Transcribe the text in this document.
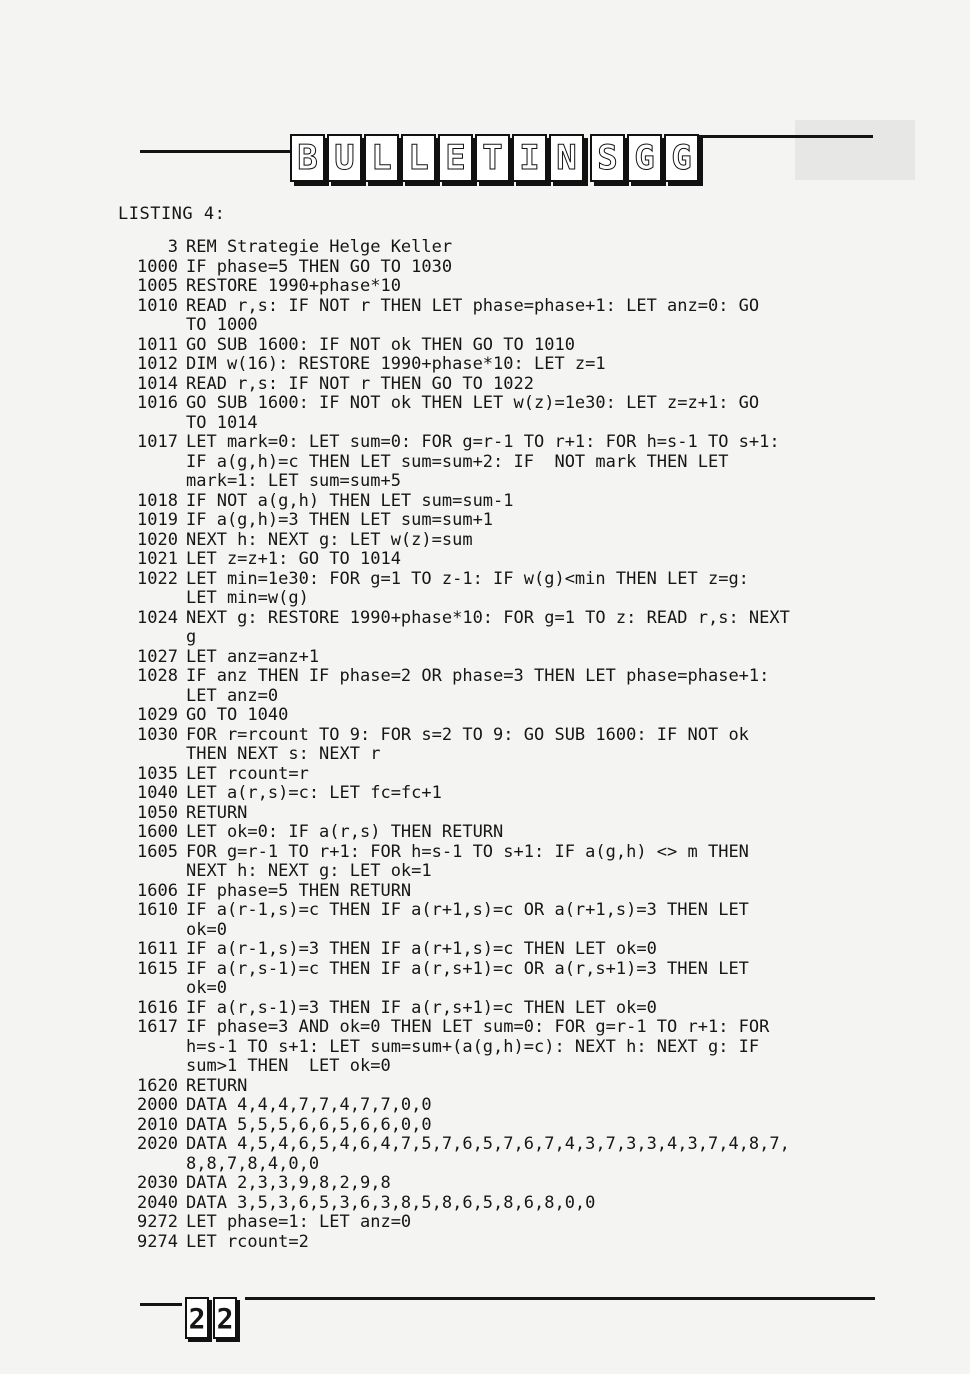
B U L L E T I N S G G
LISTING 4:
3 REM Strategie Helge Keller
1000 IF phase=5 THEN GO TO 1030
1005 RESTORE 1990+phase*10
1010 READ r,s: IF NOT r THEN LET phase=phase+1: LET anz=0: GO
TO 1000
1011 GO SUB 1600: IF NOT ok THEN GO TO 1010
1012 DIM w(16): RESTORE 1990+phase*10: LET z=1
1014 READ r,s: IF NOT r THEN GO TO 1022
1016 GO SUB 1600: IF NOT ok THEN LET w(z)=1e30: LET z=z+1: GO
TO 1014
1017 LET mark=0: LET sum=0: FOR g=r-1 TO r+1: FOR h=s-1 TO s+1:
IF a(g,h)=c THEN LET sum=sum+2: IF  NOT mark THEN LET
mark=1: LET sum=sum+5
1018 IF NOT a(g,h) THEN LET sum=sum-1
1019 IF a(g,h)=3 THEN LET sum=sum+1
1020 NEXT h: NEXT g: LET w(z)=sum
1021 LET z=z+1: GO TO 1014
1022 LET min=1e30: FOR g=1 TO z-1: IF w(g)<min THEN LET z=g:
LET min=w(g)
1024 NEXT g: RESTORE 1990+phase*10: FOR g=1 TO z: READ r,s: NEXT
g
1027 LET anz=anz+1
1028 IF anz THEN IF phase=2 OR phase=3 THEN LET phase=phase+1:
LET anz=0
1029 GO TO 1040
1030 FOR r=rcount TO 9: FOR s=2 TO 9: GO SUB 1600: IF NOT ok
THEN NEXT s: NEXT r
1035 LET rcount=r
1040 LET a(r,s)=c: LET fc=fc+1
1050 RETURN
1600 LET ok=0: IF a(r,s) THEN RETURN
1605 FOR g=r-1 TO r+1: FOR h=s-1 TO s+1: IF a(g,h) <> m THEN
NEXT h: NEXT g: LET ok=1
1606 IF phase=5 THEN RETURN
1610 IF a(r-1,s)=c THEN IF a(r+1,s)=c OR a(r+1,s)=3 THEN LET
ok=0
1611 IF a(r-1,s)=3 THEN IF a(r+1,s)=c THEN LET ok=0
1615 IF a(r,s-1)=c THEN IF a(r,s+1)=c OR a(r,s+1)=3 THEN LET
ok=0
1616 IF a(r,s-1)=3 THEN IF a(r,s+1)=c THEN LET ok=0
1617 IF phase=3 AND ok=0 THEN LET sum=0: FOR g=r-1 TO r+1: FOR
h=s-1 TO s+1: LET sum=sum+(a(g,h)=c): NEXT h: NEXT g: IF
sum>1 THEN  LET ok=0
1620 RETURN
2000 DATA 4,4,4,7,7,4,7,7,0,0
2010 DATA 5,5,5,6,6,5,6,6,0,0
2020 DATA 4,5,4,6,5,4,6,4,7,5,7,6,5,7,6,7,4,3,7,3,3,4,3,7,4,8,7,
8,8,7,8,4,0,0
2030 DATA 2,3,3,9,8,2,9,8
2040 DATA 3,5,3,6,5,3,6,3,8,5,8,6,5,8,6,8,0,0
9272 LET phase=1: LET anz=0
9274 LET rcount=2
2 2
